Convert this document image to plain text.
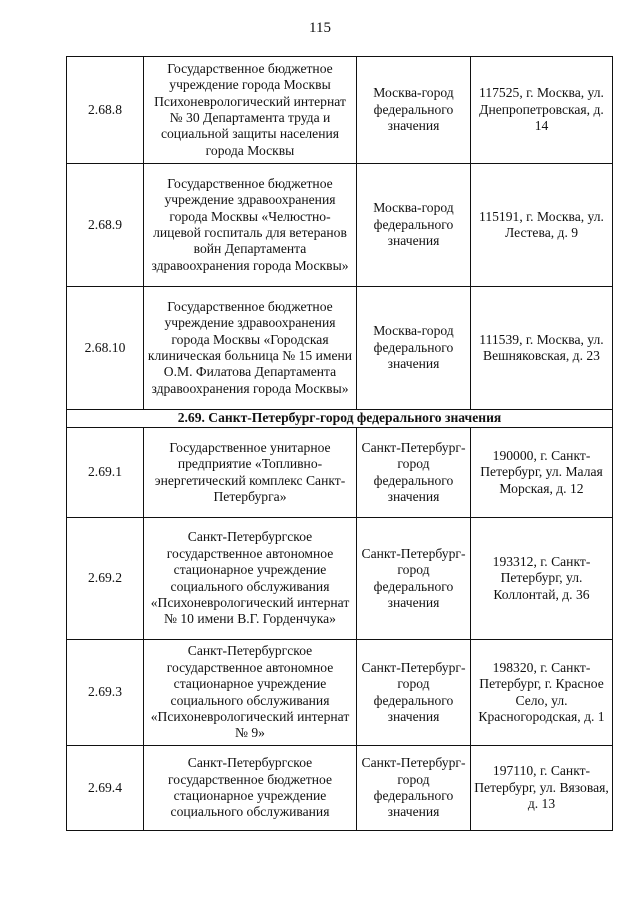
115
2.68.8	Государственное бюджетное учреждение города Москвы Психоневрологический интернат № 30 Департамента труда и социальной защиты населения города Москвы	Москва-город федерального значения	117525, г. Москва, ул. Днепропетровская, д. 14
2.68.9	Государственное бюджетное учреждение здравоохранения города Москвы «Челюстно-лицевой госпиталь для ветеранов войн Департамента здравоохранения города Москвы»	Москва-город федерального значения	115191, г. Москва, ул. Лестева, д. 9
2.68.10	Государственное бюджетное учреждение здравоохранения города Москвы «Городская клиническая больница № 15 имени О.М. Филатова Департамента здравоохранения города Москвы»	Москва-город федерального значения	111539, г. Москва, ул. Вешняковская, д. 23
2.69. Санкт-Петербург-город федерального значения			
2.69.1	Государственное унитарное предприятие «Топливно-энергетический комплекс Санкт-Петербурга»	Санкт-Петербург-город федерального значения	190000, г. Санкт-Петербург, ул. Малая Морская, д. 12
2.69.2	Санкт-Петербургское государственное автономное стационарное учреждение социального обслуживания «Психоневрологический интернат № 10 имени В.Г. Горденчука»	Санкт-Петербург-город федерального значения	193312, г. Санкт-Петербург, ул. Коллонтай, д. 36
2.69.3	Санкт-Петербургское государственное автономное стационарное учреждение социального обслуживания «Психоневрологический интернат № 9»	Санкт-Петербург-город федерального значения	198320, г. Санкт-Петербург, г. Красное Село, ул. Красногородская, д. 1
2.69.4	Санкт-Петербургское государственное бюджетное стационарное учреждение социального обслуживания	Санкт-Петербург-город федерального значения	197110, г. Санкт-Петербург, ул. Вязовая, д. 13
